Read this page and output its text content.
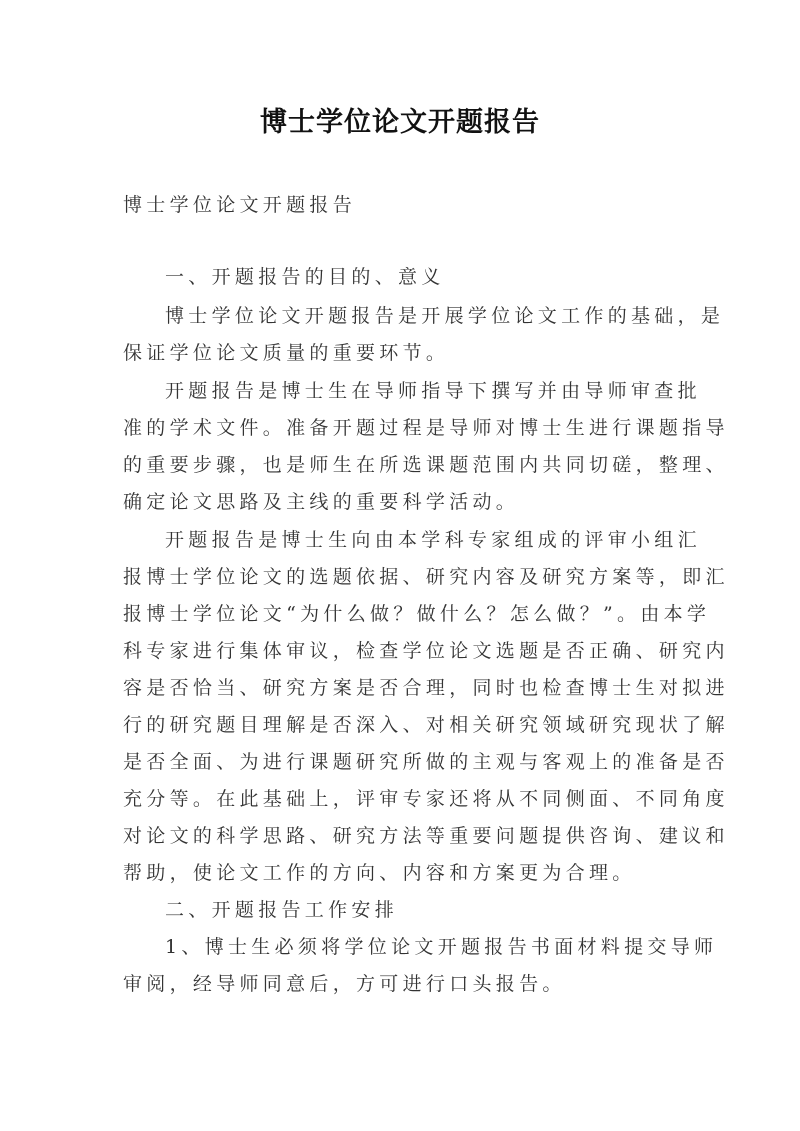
博士学位论文开题报告
博士学位论文开题报告
一、开题报告的目的、意义
博士学位论文开题报告是开展学位论文工作的基础，是
保证学位论文质量的重要环节。
开题报告是博士生在导师指导下撰写并由导师审查批
准的学术文件。准备开题过程是导师对博士生进行课题指导
的重要步骤，也是师生在所选课题范围内共同切磋，整理、
确定论文思路及主线的重要科学活动。
开题报告是博士生向由本学科专家组成的评审小组汇
报博士学位论文的选题依据、研究内容及研究方案等，即汇
报博士学位论文“为什么做？做什么？怎么做？”。由本学
科专家进行集体审议，检查学位论文选题是否正确、研究内
容是否恰当、研究方案是否合理，同时也检查博士生对拟进
行的研究题目理解是否深入、对相关研究领域研究现状了解
是否全面、为进行课题研究所做的主观与客观上的准备是否
充分等。在此基础上，评审专家还将从不同侧面、不同角度
对论文的科学思路、研究方法等重要问题提供咨询、建议和
帮助，使论文工作的方向、内容和方案更为合理。
二、开题报告工作安排
1、博士生必须将学位论文开题报告书面材料提交导师
审阅，经导师同意后，方可进行口头报告。
